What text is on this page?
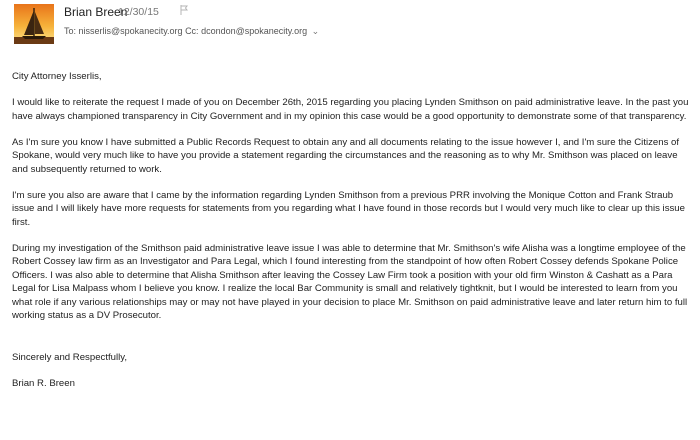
Brian Breen
12/30/15
To: nisserlis@spokanecity.org Cc: dcondon@spokanecity.org ⌄

City Attorney Isserlis,

I would like to reiterate the request I made of you on December 26th, 2015 regarding you placing Lynden Smithson on paid administrative leave. In the past you have always championed transparency in City Government and in my opinion this case would be a good opportunity to demonstrate some of that transparency.

As I'm sure you know I have submitted a Public Records Request to obtain any and all documents relating to the issue however I, and I'm sure the Citizens of Spokane, would very much like to have you provide a statement regarding the circumstances and the reasoning as to why Mr. Smithson was placed on leave and subsequently returned to work.

I'm sure you also are aware that I came by the information regarding Lynden Smithson from a previous PRR involving the Monique Cotton and Frank Straub issue and I will likely have more requests for statements from you regarding what I have found in those records but I would very much like to clear up this issue first.

During my investigation of the Smithson paid administrative leave issue I was able to determine that Mr. Smithson's wife Alisha was a longtime employee of the Robert Cossey law firm as an Investigator and Para Legal, which I found interesting from the standpoint of how often Robert Cossey defends Spokane Police Officers. I was also able to determine that Alisha Smithson after leaving the Cossey Law Firm took a position with your old firm Winston & Cashatt as a Para Legal for Lisa Malpass whom I believe you know. I realize the local Bar Community is small and relatively tightknit, but I would be interested to learn from you what role if any various relationships may or may not have played in your decision to place Mr. Smithson on paid administrative leave and later return him to full working status as a DV Prosecutor.

Sincerely and Respectfully,

Brian R. Breen
